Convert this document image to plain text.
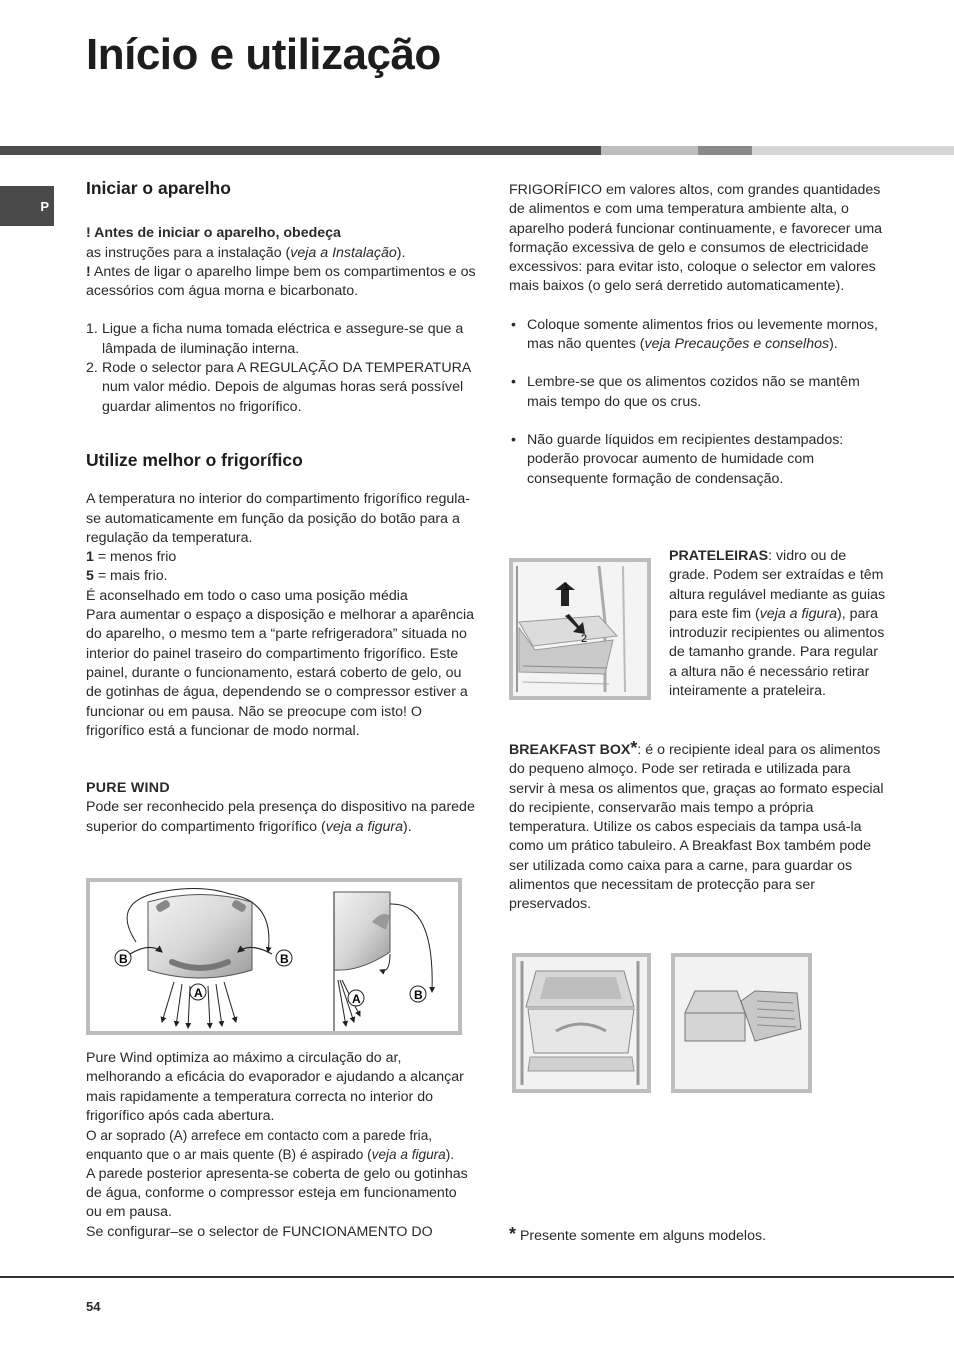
Início e utilização
P
Iniciar o aparelho

! Antes de iniciar o aparelho, obedeça
as instruções para a instalação (veja a Instalação).

! Antes de ligar o aparelho limpe bem os compartimentos e os acessórios com água morna e bicarbonato.

1. Ligue a ficha numa tomada eléctrica e assegure-se que a lâmpada de iluminação interna.
2. Rode o selector para A REGULAÇÃO DA TEMPERATURA num valor médio. Depois de algumas horas será possível guardar alimentos no frigorífico.
Utilize melhor o frigorífico

A temperatura no interior do compartimento frigorífico regula-se automaticamente em função da posição do botão para a regulação da temperatura.

1 = menos frio

5 = mais frio.

É aconselhado em todo o caso uma posição média

Para aumentar o espaço a disposição e melhorar a aparência do aparelho, o mesmo tem a “parte refrigeradora” situada no interior do painel traseiro do compartimento frigorífico. Este painel, durante o funcionamento, estará coberto de gelo, ou de gotinhas de água, dependendo se o compressor estiver a funcionar ou em pausa. Não se preocupe com isto! O frigorífico está a funcionar de modo normal.

PURE WIND

Pode ser reconhecido pela presença do dispositivo na parede superior do compartimento frigorífico (veja a figura).

B	B
A	A	B

Pure Wind optimiza ao máximo a circulação do ar, melhorando a eficácia do evaporador e ajudando a alcançar mais rapidamente a temperatura correcta no interior do frigorífico após cada abertura.

O ar soprado (A) arrefece em contacto com a parede fria, enquanto que o ar mais quente (B) é aspirado (veja a figura).

A parede posterior apresenta-se coberta de gelo ou gotinhas de água, conforme o compressor esteja em funcionamento ou em pausa.

Se configurar–se o selector de FUNCIONAMENTO DO

FRIGORÍFICO em valores altos, com grandes quantidades de alimentos e com uma temperatura ambiente alta, o aparelho poderá funcionar continuamente, e favorecer uma formação excessiva de gelo e consumos de electricidade excessivos: para evitar isto, coloque o selector em valores mais baixos (o gelo será derretido automaticamente).

• Coloque somente alimentos frios ou levemente mornos, mas não quentes (veja Precauções e conselhos).
• Lembre-se que os alimentos cozidos não se mantêm mais tempo do que os crus.
• Não guarde líquidos em recipientes destampados: poderão provocar aumento de humidade com consequente formação de condensação.
1
2

PRATELEIRAS: vidro ou de grade. Podem ser extraídas e têm altura regulável mediante as guias para este fim (veja a figura), para introduzir recipientes ou alimentos de tamanho grande. Para regular a altura não é necessário retirar inteiramente a prateleira.

BREAKFAST BOX*: é o recipiente ideal para os alimentos do pequeno almoço. Pode ser retirada e utilizada para servir à mesa os alimentos que, graças ao formato especial do recipiente, conservarão mais tempo a própria temperatura. Utilize os cabos especiais da tampa usá-la como um prático tabuleiro. A Breakfast Box também pode ser utilizada como caixa para a carne, para guardar os alimentos que necessitam de protecção para ser preservados.

* Presente somente em alguns modelos.
54
